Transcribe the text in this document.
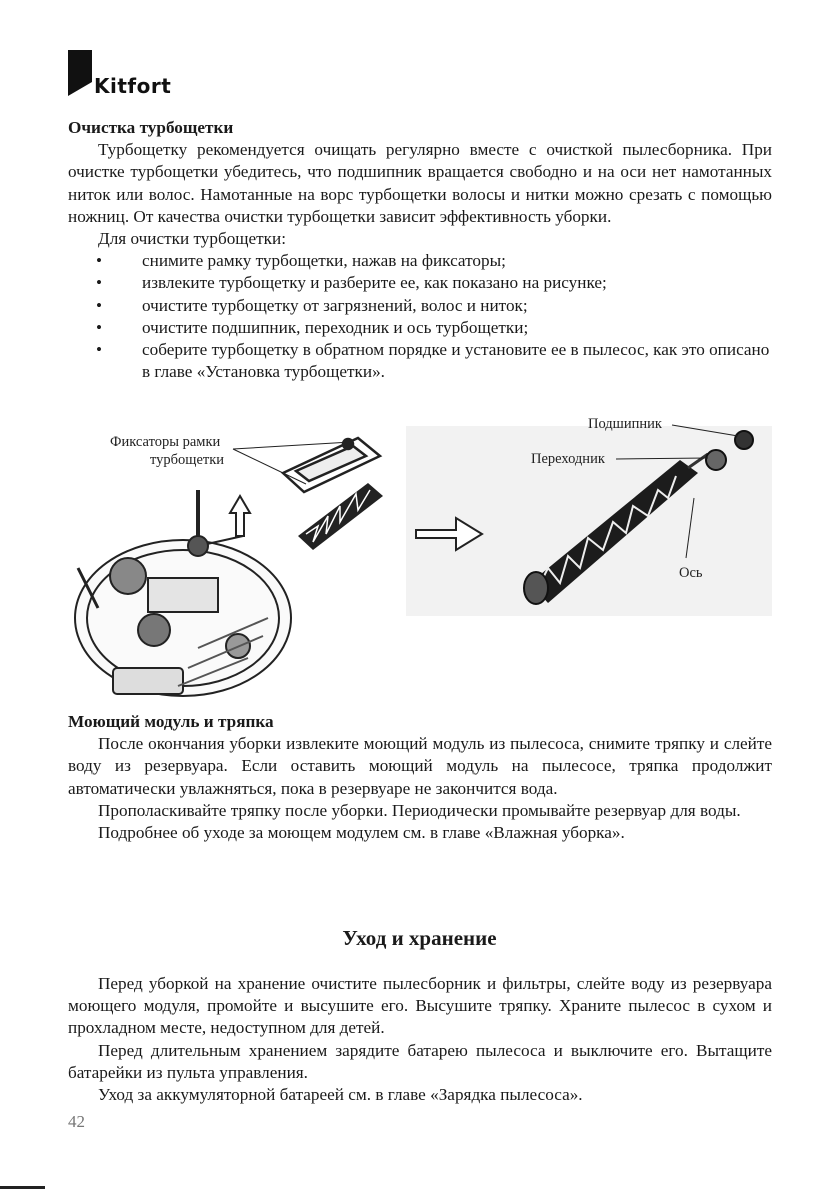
Kitfort

Очистка турбощетки

Турбощетку рекомендуется очищать регулярно вместе с очисткой пылесборника. При очистке турбощетки убедитесь, что подшипник вращается свободно и на оси нет намотанных ниток или волос. Намотанные на ворс турбощетки волосы и нитки можно срезать с помощью ножниц. От качества очистки турбощетки зависит эффективность уборки.

Для очистки турбощетки:

• снимите рамку турбощетки, нажав на фиксаторы;
• извлеките турбощетку и разберите ее, как показано на рисунке;
• очистите турбощетку от загрязнений, волос и ниток;
• очистите подшипник, переходник и ось турбощетки;
• соберите турбощетку в обратном порядке и установите ее в пылесос, как это описано в главе «Установка турбощетки».
Фиксаторы рамки
турбощетки
Подшипник
Переходник
Ось

Моющий модуль и тряпка

После окончания уборки извлеките моющий модуль из пылесоса, снимите тряпку и слейте воду из резервуара. Если оставить моющий модуль на пылесосе, тряпка продолжит автоматически увлажняться, пока в резервуаре не закончится вода.

Прополаскивайте тряпку после уборки. Периодически промывайте резервуар для воды.

Подробнее об уходе за моющем модулем см. в главе «Влажная уборка».

Уход и хранение

Перед уборкой на хранение очистите пылесборник и фильтры, слейте воду из резервуара моющего модуля, промойте и высушите его. Высушите тряпку. Храните пылесос в сухом и прохладном месте, недоступном для детей.

Перед длительным хранением зарядите батарею пылесоса и выключите его. Вытащите батарейки из пульта управления.

Уход за аккумуляторной батареей см. в главе «Зарядка пылесоса».

42
